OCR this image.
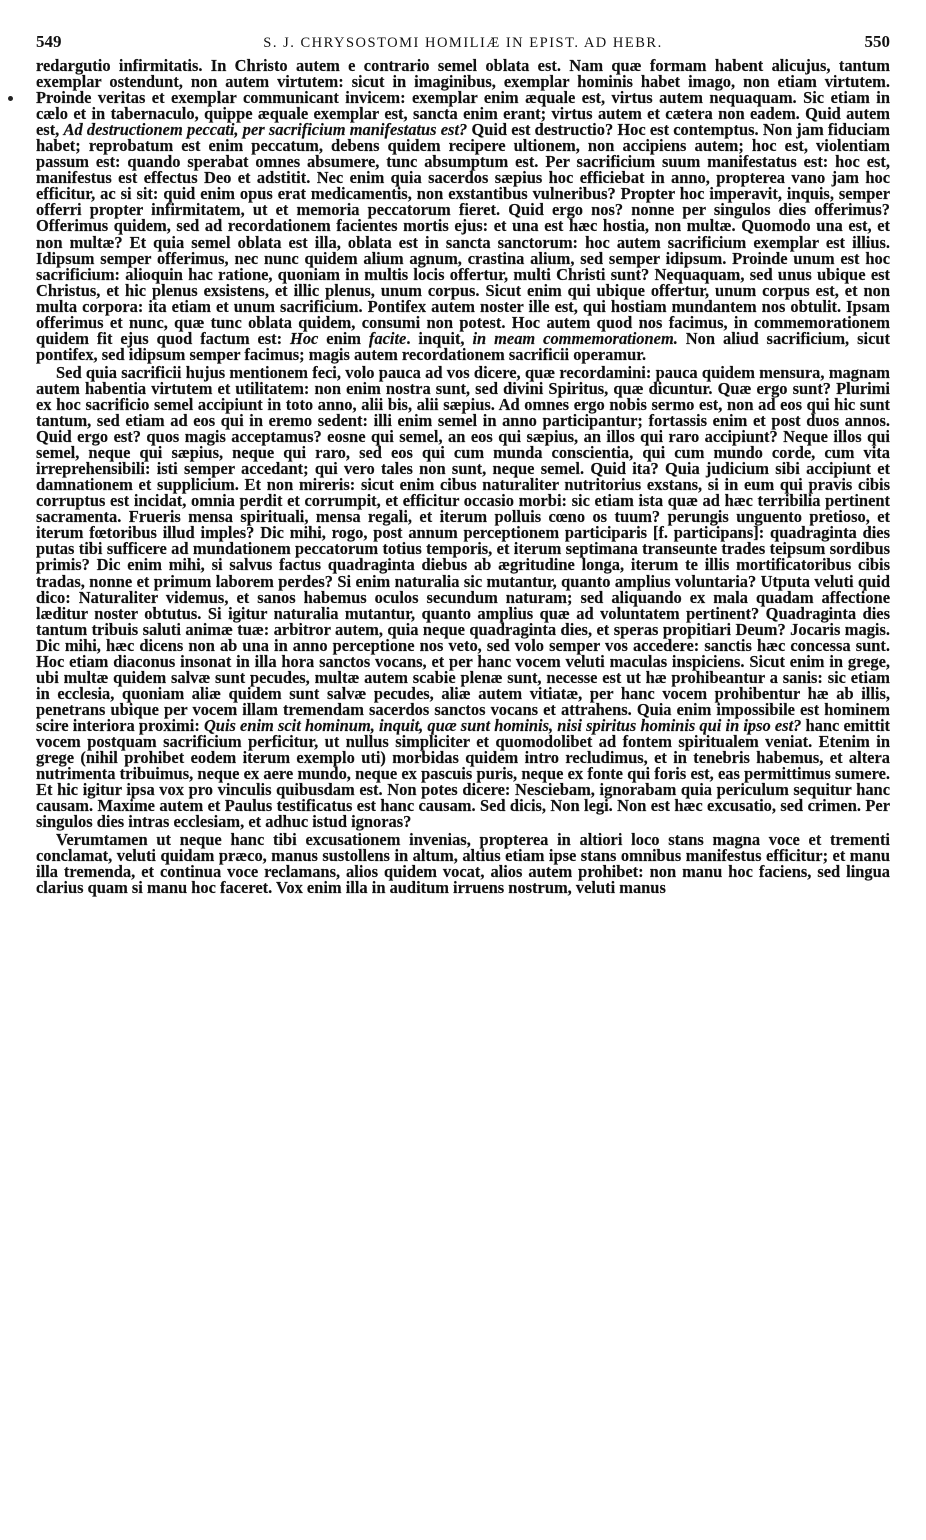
549	S. J. CHRYSOSTOMI HOMILIÆ IN EPIST. AD HEBR.	550

redargutio infirmitatis. In Christo autem e contrario semel oblata est. Nam quæ formam habent alicujus, tantum exemplar ostendunt, non autem virtutem: sicut in imaginibus, exemplar hominis habet imago, non etiam virtutem. Proinde veritas et exemplar communicant invicem: exemplar enim æquale est, virtus autem nequaquam. Sic etiam in cælo et in tabernaculo, quippe æquale exemplar est, sancta enim erant; virtus autem et cætera non eadem. Quid autem est, Ad destructionem peccati, per sacrificium manifestatus est? Quid est destructio? Hoc est contemptus. Non jam fiduciam habet; reprobatum est enim peccatum, debens quidem recipere ultionem, non accipiens autem; hoc est, violentiam passum est: quando sperabat omnes absumere, tunc absumptum est. Per sacrificium suum manifestatus est: hoc est, manifestus est effectus Deo et adstitit. Nec enim quia sacerdos sæpius hoc efficiebat in anno, propterea vano jam hoc efficitur, ac si sit: quid enim opus erat medicamentis, non exstantibus vulneribus? Propter hoc imperavit, inquis, semper offerri propter infirmitatem, ut et memoria peccatorum fieret. Quid ergo nos? nonne per singulos dies offerimus? Offerimus quidem, sed ad recordationem facientes mortis ejus: et una est hæc hostia, non multæ. Quomodo una est, et non multæ? Et quia semel oblata est illa, oblata est in sancta sanctorum: hoc autem sacrificium exemplar est illius. Idipsum semper offerimus, nec nunc quidem alium agnum, crastina alium, sed semper idipsum. Proinde unum est hoc sacrificium: alioquin hac ratione, quoniam in multis locis offertur, multi Christi sunt? Nequaquam, sed unus ubique est Christus, et hic plenus exsistens, et illic plenus, unum corpus. Sicut enim qui ubique offertur, unum corpus est, et non multa corpora: ita etiam et unum sacrificium. Pontifex autem noster ille est, qui hostiam mundantem nos obtulit. Ipsam offerimus et nunc, quæ tunc oblata quidem, consumi non potest. Hoc autem quod nos facimus, in commemorationem quidem fit ejus quod factum est: Hoc enim facite. inquit, in meam commemorationem. Non aliud sacrificium, sicut pontifex, sed idipsum semper facimus; magis autem recordationem sacrificii operamur.

Sed quia sacrificii hujus mentionem feci, volo pauca ad vos dicere, quæ recordamini: pauca quidem mensura, magnam autem habentia virtutem et utilitatem: non enim nostra sunt, sed divini Spiritus, quæ dicuntur. Quæ ergo sunt? Plurimi ex hoc sacrificio semel accipiunt in toto anno, alii bis, alii sæpius. Ad omnes ergo nobis sermo est, non ad eos qui hic sunt tantum, sed etiam ad eos qui in eremo sedent: illi enim semel in anno participantur; fortassis enim et post duos annos. Quid ergo est? quos magis acceptamus? eosne qui semel, an eos qui sæpius, an illos qui raro accipiunt? Neque illos qui semel, neque qui sæpius, neque qui raro, sed eos qui cum munda conscientia, qui cum mundo corde, cum vita irreprehensibili: isti semper accedant; qui vero tales non sunt, neque semel. Quid ita? Quia judicium sibi accipiunt et damnationem et supplicium. Et non mireris: sicut enim cibus naturaliter nutritorius exstans, si in eum qui pravis cibis corruptus est incidat, omnia perdit et corrumpit, et efficitur occasio morbi: sic etiam ista quæ ad hæc terribilia pertinent sacramenta. Frueris mensa spirituali, mensa regali, et iterum polluis cœno os tuum? perungis unguento pretioso, et iterum fœtoribus illud imples? Dic mihi, rogo, post annum perceptionem participaris [f. participans]: quadraginta dies putas tibi sufficere ad mundationem peccatorum totius temporis, et iterum septimana transeunte trades teipsum sordibus primis? Dic enim mihi, si salvus factus quadraginta diebus ab ægritudine longa, iterum te illis mortificatoribus cibis tradas, nonne et primum laborem perdes? Si enim naturalia sic mutantur, quanto amplius voluntaria? Utputa veluti quid dico: Naturaliter videmus, et sanos habemus oculos secundum naturam; sed aliquando ex mala quadam affectione læditur noster obtutus. Si igitur naturalia mutantur, quanto amplius quæ ad voluntatem pertinent? Quadraginta dies tantum tribuis saluti animæ tuæ: arbitror autem, quia neque quadraginta dies, et speras propitiari Deum? Jocaris magis. Dic mihi, hæc dicens non ab una in anno perceptione nos veto, sed volo semper vos accedere: sanctis hæc concessa sunt. Hoc etiam diaconus insonat in illa hora sanctos vocans, et per hanc vocem veluti maculas inspiciens. Sicut enim in grege, ubi multæ quidem salvæ sunt pecudes, multæ autem scabie plenæ sunt, necesse est ut hæ prohibeantur a sanis: sic etiam in ecclesia, quoniam aliæ quidem sunt salvæ pecudes, aliæ autem vitiatæ, per hanc vocem prohibentur hæ ab illis, penetrans ubique per vocem illam tremendam sacerdos sanctos vocans et attrahens. Quia enim impossibile est hominem scire interiora proximi: Quis enim scit hominum, inquit, quæ sunt hominis, nisi spiritus hominis qui in ipso est? hanc emittit vocem postquam sacrificium perficitur, ut nullus simpliciter et quomodolibet ad fontem spiritualem veniat. Etenim in grege (nihil prohibet eodem iterum exemplo uti) morbidas quidem intro recludimus, et in tenebris habemus, et altera nutrimenta tribuimus, neque ex aere mundo, neque ex pascuis puris, neque ex fonte qui foris est, eas permittimus sumere. Et hic igitur ipsa vox pro vinculis quibusdam est. Non potes dicere: Nesciebam, ignorabam quia periculum sequitur hanc causam. Maxime autem et Paulus testificatus est hanc causam. Sed dicis, Non legi. Non est hæc excusatio, sed crimen. Per singulos dies intras ecclesiam, et adhuc istud ignoras?

Verumtamen ut neque hanc tibi excusationem invenias, propterea in altiori loco stans magna voce et trementi conclamat, veluti quidam præco, manus sustollens in altum, altius etiam ipse stans omnibus manifestus efficitur; et manu illa tremenda, et continua voce reclamans, alios quidem vocat, alios autem prohibet: non manu hoc faciens, sed lingua clarius quam si manu hoc faceret. Vox enim illa in auditum irruens nostrum, veluti manus
